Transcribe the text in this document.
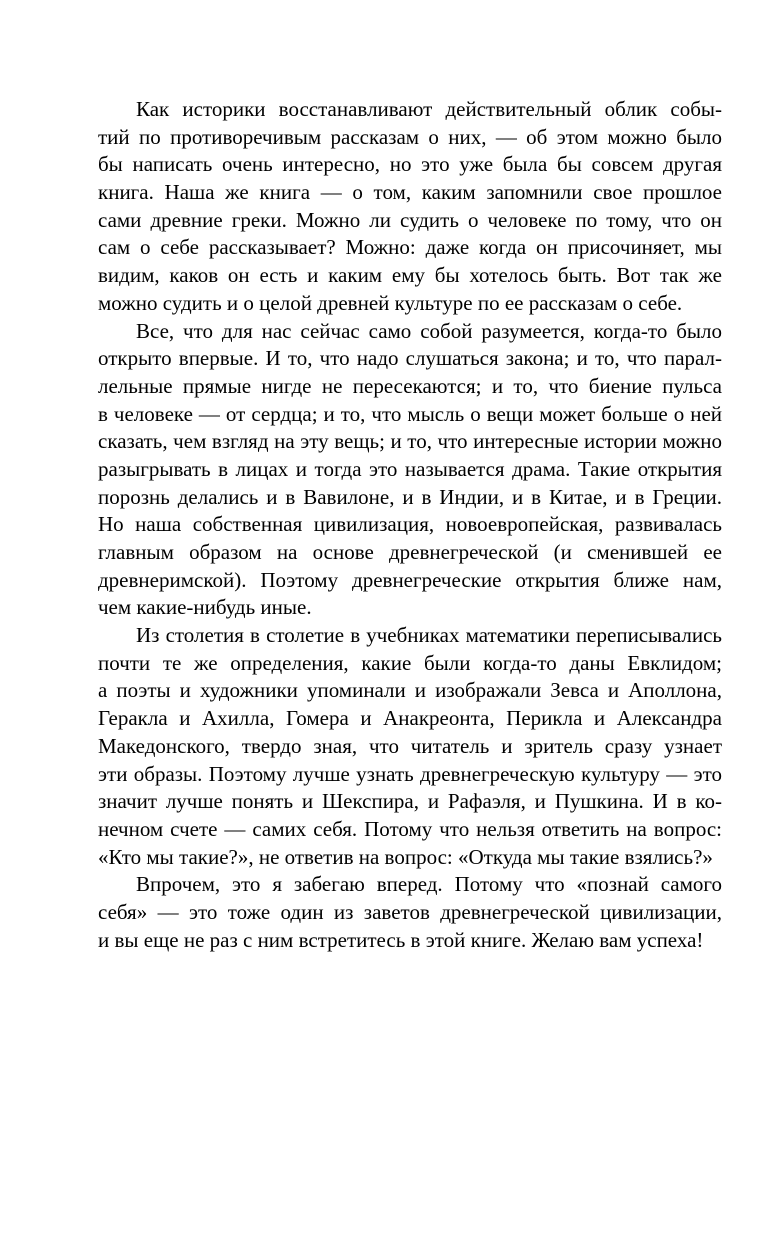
Как историки восстанавливают действительный облик собы-
тий по противоречивым рассказам о них, — об этом можно было
бы написать очень интересно, но это уже была бы совсем другая
книга. Наша же книга — о том, каким запомнили свое прошлое
сами древние греки. Можно ли судить о человеке по тому, что он
сам о себе рассказывает? Можно: даже когда он присочиняет, мы
видим, каков он есть и каким ему бы хотелось быть. Вот так же
можно судить и о целой древней культуре по ее рассказам о себе.
Все, что для нас сейчас само собой разумеется, когда-то было
открыто впервые. И то, что надо слушаться закона; и то, что парал-
лельные прямые нигде не пересекаются; и то, что биение пульса
в человеке — от сердца; и то, что мысль о вещи может больше о ней
сказать, чем взгляд на эту вещь; и то, что интересные истории можно
разыгрывать в лицах и тогда это называется драма. Такие открытия
порознь делались и в Вавилоне, и в Индии, и в Китае, и в Греции.
Но наша собственная цивилизация, новоевропейская, развивалась
главным образом на основе древнегреческой (и сменившей ее
древнеримской). Поэтому древнегреческие открытия ближе нам,
чем какие-нибудь иные.
Из столетия в столетие в учебниках математики переписывались
почти те же определения, какие были когда-то даны Евклидом;
а поэты и художники упоминали и изображали Зевса и Аполлона,
Геракла и Ахилла, Гомера и Анакреонта, Перикла и Александра
Македонского, твердо зная, что читатель и зритель сразу узнает
эти образы. Поэтому лучше узнать древнегреческую культуру — это
значит лучше понять и Шекспира, и Рафаэля, и Пушкина. И в ко-
нечном счете — самих себя. Потому что нельзя ответить на вопрос:
«Кто мы такие?», не ответив на вопрос: «Откуда мы такие взялись?»
Впрочем, это я забегаю вперед. Потому что «познай самого
себя» — это тоже один из заветов древнегреческой цивилизации,
и вы еще не раз с ним встретитесь в этой книге. Желаю вам успеха!
